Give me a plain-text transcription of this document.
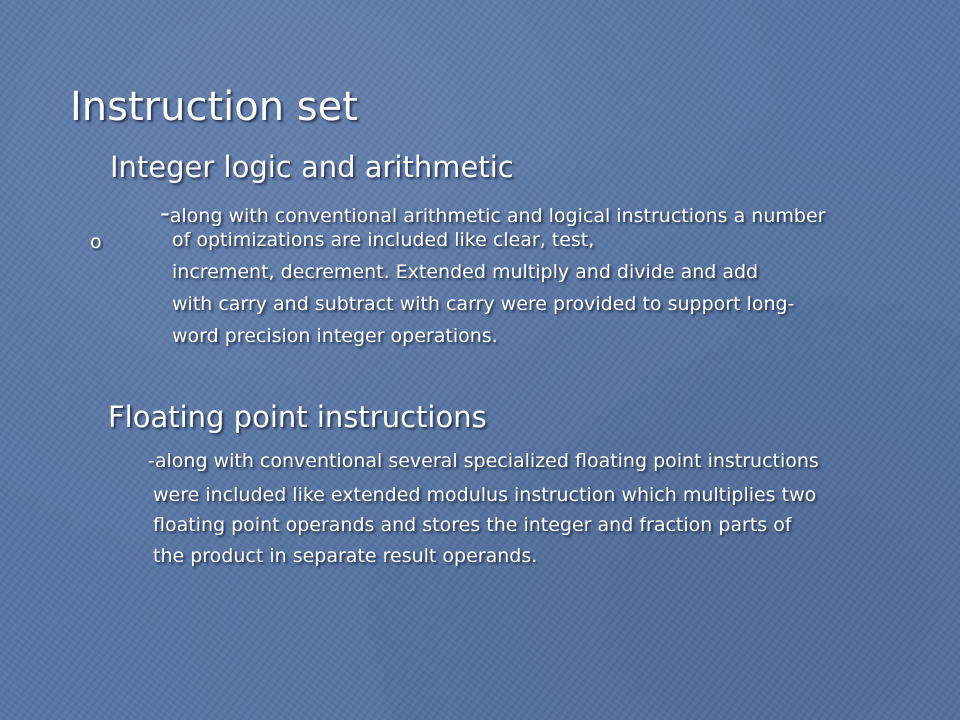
Instruction set
Integer logic and arithmetic
o
-along with conventional arithmetic and logical instructions a number
of optimizations are included like clear, test,
increment, decrement. Extended multiply and divide and add
with carry and subtract with carry were provided to support long-
word precision integer operations.
Floating point instructions
-along with conventional several specialized floating point instructions
were included like extended modulus instruction which multiplies two
floating point operands and stores the integer and fraction parts of
the product in separate result operands.
